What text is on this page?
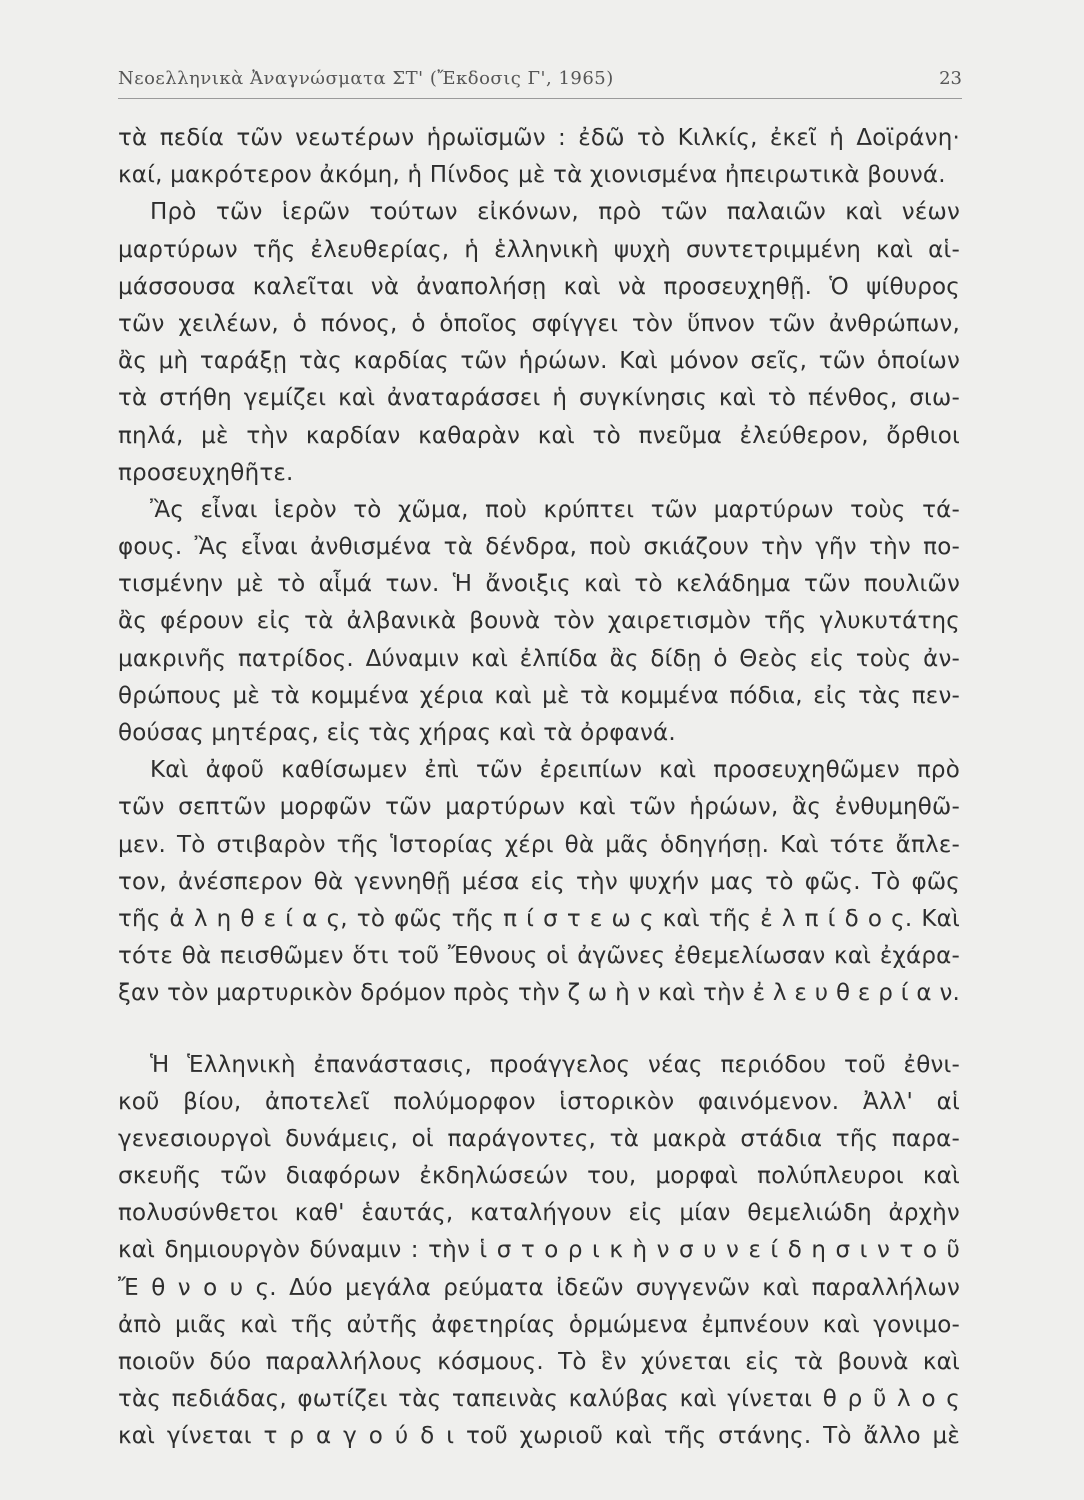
Νεοελληνικὰ Ἀναγνώσματα ΣΤ' (Ἔκδοσις Γ', 1965)	23
τὰ πεδία τῶν νεωτέρων ἡρωϊσμῶν : ἐδῶ τὸ Κιλκίς, ἐκεῖ ἡ Δοϊράνη·
καί, μακρότερον ἀκόμη, ἡ Πίνδος μὲ τὰ χιονισμένα ἠπειρωτικὰ βουνά.
Πρὸ τῶν ἱερῶν τούτων εἰκόνων, πρὸ τῶν παλαιῶν καὶ νέων
μαρτύρων τῆς ἐλευθερίας, ἡ ἑλληνικὴ ψυχὴ συντετριμμένη καὶ αἱ-
μάσσουσα καλεῖται νὰ ἀναπολήσῃ καὶ νὰ προσευχηθῇ. Ὁ ψίθυρος
τῶν χειλέων, ὁ πόνος, ὁ ὁποῖος σφίγγει τὸν ὕπνον τῶν ἀνθρώπων,
ἂς μὴ ταράξῃ τὰς καρδίας τῶν ἡρώων. Καὶ μόνον σεῖς, τῶν ὁποίων
τὰ στήθη γεμίζει καὶ ἀναταράσσει ἡ συγκίνησις καὶ τὸ πένθος, σιω-
πηλά, μὲ τὴν καρδίαν καθαρὰν καὶ τὸ πνεῦμα ἐλεύθερον, ὄρθιοι
προσευχηθῆτε.
Ἂς εἶναι ἱερὸν τὸ χῶμα, ποὺ κρύπτει τῶν μαρτύρων τοὺς τά-
φους. Ἂς εἶναι ἀνθισμένα τὰ δένδρα, ποὺ σκιάζουν τὴν γῆν τὴν πο-
τισμένην μὲ τὸ αἷμά των. Ἡ ἄνοιξις καὶ τὸ κελάδημα τῶν πουλιῶν
ἂς φέρουν εἰς τὰ ἀλβανικὰ βουνὰ τὸν χαιρετισμὸν τῆς γλυκυτάτης
μακρινῆς πατρίδος. Δύναμιν καὶ ἐλπίδα ἂς δίδῃ ὁ Θεὸς εἰς τοὺς ἀν-
θρώπους μὲ τὰ κομμένα χέρια καὶ μὲ τὰ κομμένα πόδια, εἰς τὰς πεν-
θούσας μητέρας, εἰς τὰς χήρας καὶ τὰ ὀρφανά.
Καὶ ἀφοῦ καθίσωμεν ἐπὶ τῶν ἐρειπίων καὶ προσευχηθῶμεν πρὸ
τῶν σεπτῶν μορφῶν τῶν μαρτύρων καὶ τῶν ἡρώων, ἂς ἐνθυμηθῶ-
μεν. Τὸ στιβαρὸν τῆς Ἱστορίας χέρι θὰ μᾶς ὁδηγήσῃ. Καὶ τότε ἄπλε-
τον, ἀνέσπερον θὰ γεννηθῇ μέσα εἰς τὴν ψυχήν μας τὸ φῶς. Τὸ φῶς
τῆς ἀ λ η θ ε ί α ς, τὸ φῶς τῆς π ί σ τ ε ω ς καὶ τῆς ἐ λ π ί δ ο ς. Καὶ
τότε θὰ πεισθῶμεν ὅτι τοῦ Ἔθνους οἱ ἀγῶνες ἐθεμελίωσαν καὶ ἐχάρα-
ξαν τὸν μαρτυρικὸν δρόμον πρὸς τὴν ζ ω ὴ ν καὶ τὴν ἐ λ ε υ θ ε ρ ί α ν.
Ἡ Ἑλληνικὴ ἐπανάστασις, προάγγελος νέας περιόδου τοῦ ἐθνι-
κοῦ βίου, ἀποτελεῖ πολύμορφον ἱστορικὸν φαινόμενον. Ἀλλ' αἱ
γενεσιουργοὶ δυνάμεις, οἱ παράγοντες, τὰ μακρὰ στάδια τῆς παρα-
σκευῆς τῶν διαφόρων ἐκδηλώσεών του, μορφαὶ πολύπλευροι καὶ
πολυσύνθετοι καθ' ἑαυτάς, καταλήγουν εἰς μίαν θεμελιώδη ἀρχὴν
καὶ δημιουργὸν δύναμιν : τὴν ἱ σ τ ο ρ ι κ ὴ ν σ υ ν ε ί δ η σ ι ν τ ο ῦ
Ἔ θ ν ο υ ς. Δύο μεγάλα ρεύματα ἰδεῶν συγγενῶν καὶ παραλλήλων
ἀπὸ μιᾶς καὶ τῆς αὐτῆς ἀφετηρίας ὁρμώμενα ἐμπνέουν καὶ γονιμο-
ποιοῦν δύο παραλλήλους κόσμους. Τὸ ἓν χύνεται εἰς τὰ βουνὰ καὶ
τὰς πεδιάδας, φωτίζει τὰς ταπεινὰς καλύβας καὶ γίνεται θ ρ ῦ λ ο ς
καὶ γίνεται τ ρ α γ ο ύ δ ι τοῦ χωριοῦ καὶ τῆς στάνης. Τὸ ἄλλο μὲ
